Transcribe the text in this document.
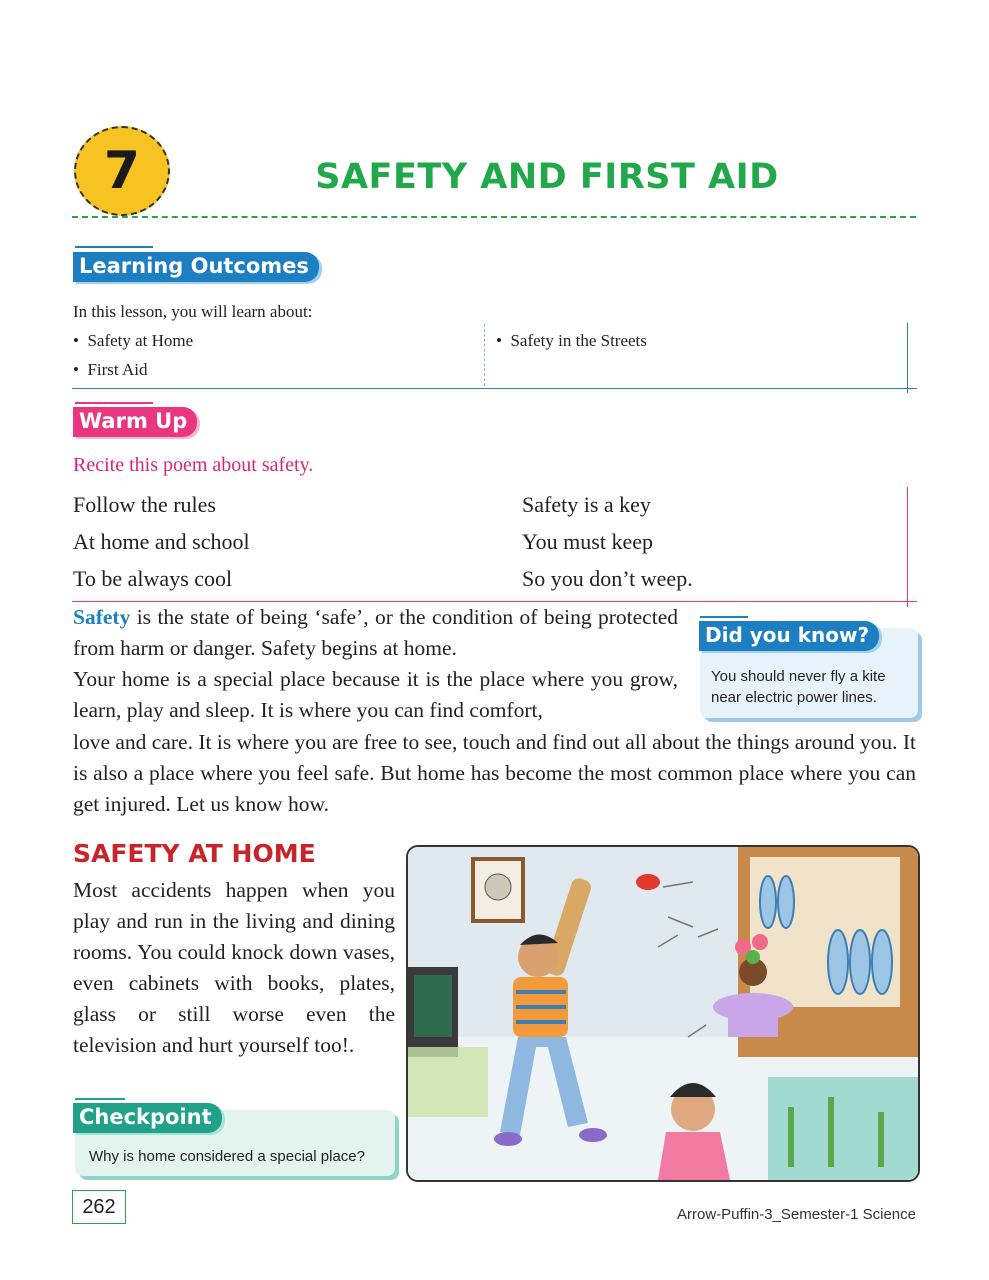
7	SAFETY AND FIRST AID
Learning Outcomes
In this lesson, you will learn about:
•  Safety at Home
•  First Aid
•  Safety in the Streets
Warm Up
Recite this poem about safety.
Follow the rules
At home and school
To be always cool
Safety is a key
You must keep
So you don’t weep.
Safety is the state of being ‘safe’, or the condition of being protected from harm or danger. Safety begins at home.
Your home is a special place because it is the place where you grow, learn, play and sleep. It is where you can find comfort,
love and care. It is where you are free to see, touch and find out all about the things around you. It is also a place where you feel safe. But home has become the most common place where you can get injured. Let us know how.
Did you know?
You should never fly a kite near electric power lines.
SAFETY AT HOME
Most accidents happen when you play and run in the living and dining rooms. You could knock down vases, even cabinets with books, plates, glass or still worse even the television and hurt yourself too!.
Checkpoint
Why is home considered a special place?
262	Arrow-Puffin-3_Semester-1 Science
